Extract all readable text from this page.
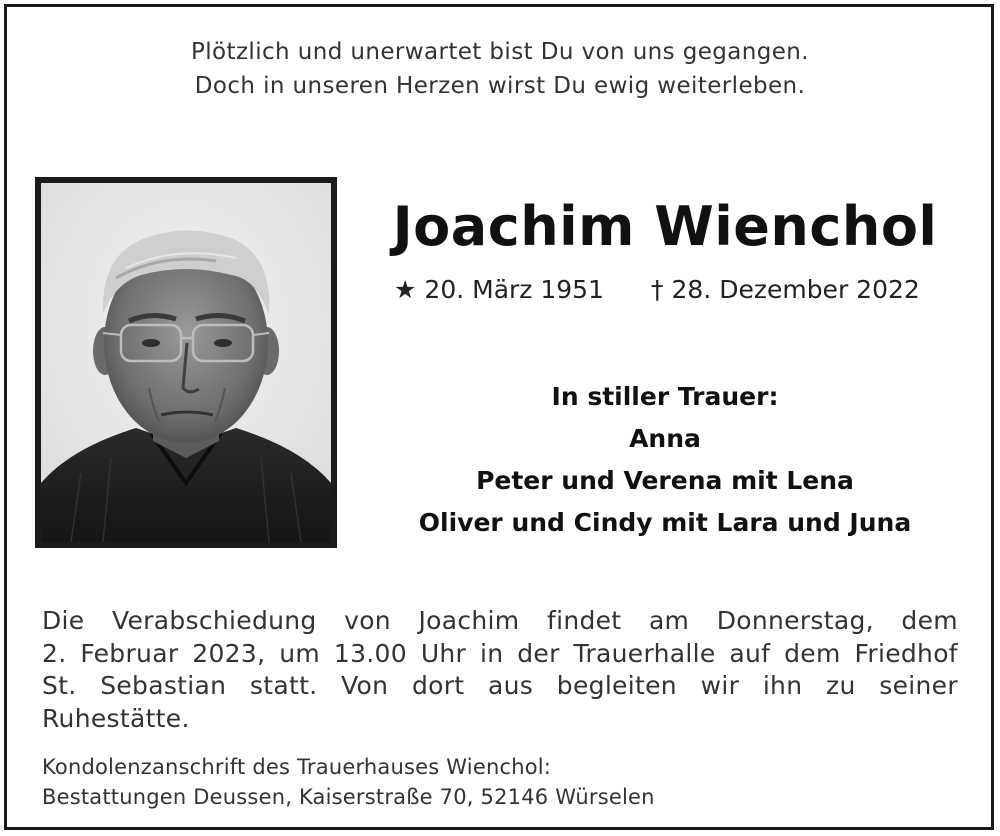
Plötzlich und unerwartet bist Du von uns gegangen.
Doch in unseren Herzen wirst Du ewig weiterleben.
Joachim Wienchol
★ 20. März 1951 † 28. Dezember 2022
In stiller Trauer:
Anna
Peter und Verena mit Lena
Oliver und Cindy mit Lara und Juna
Die Verabschiedung von Joachim findet am Donnerstag, dem
2. Februar 2023, um 13.00 Uhr in der Trauerhalle auf dem Friedhof
St. Sebastian statt. Von dort aus begleiten wir ihn zu seiner
Ruhestätte.
Kondolenzanschrift des Trauerhauses Wienchol:
Bestattungen Deussen, Kaiserstraße 70, 52146 Würselen
